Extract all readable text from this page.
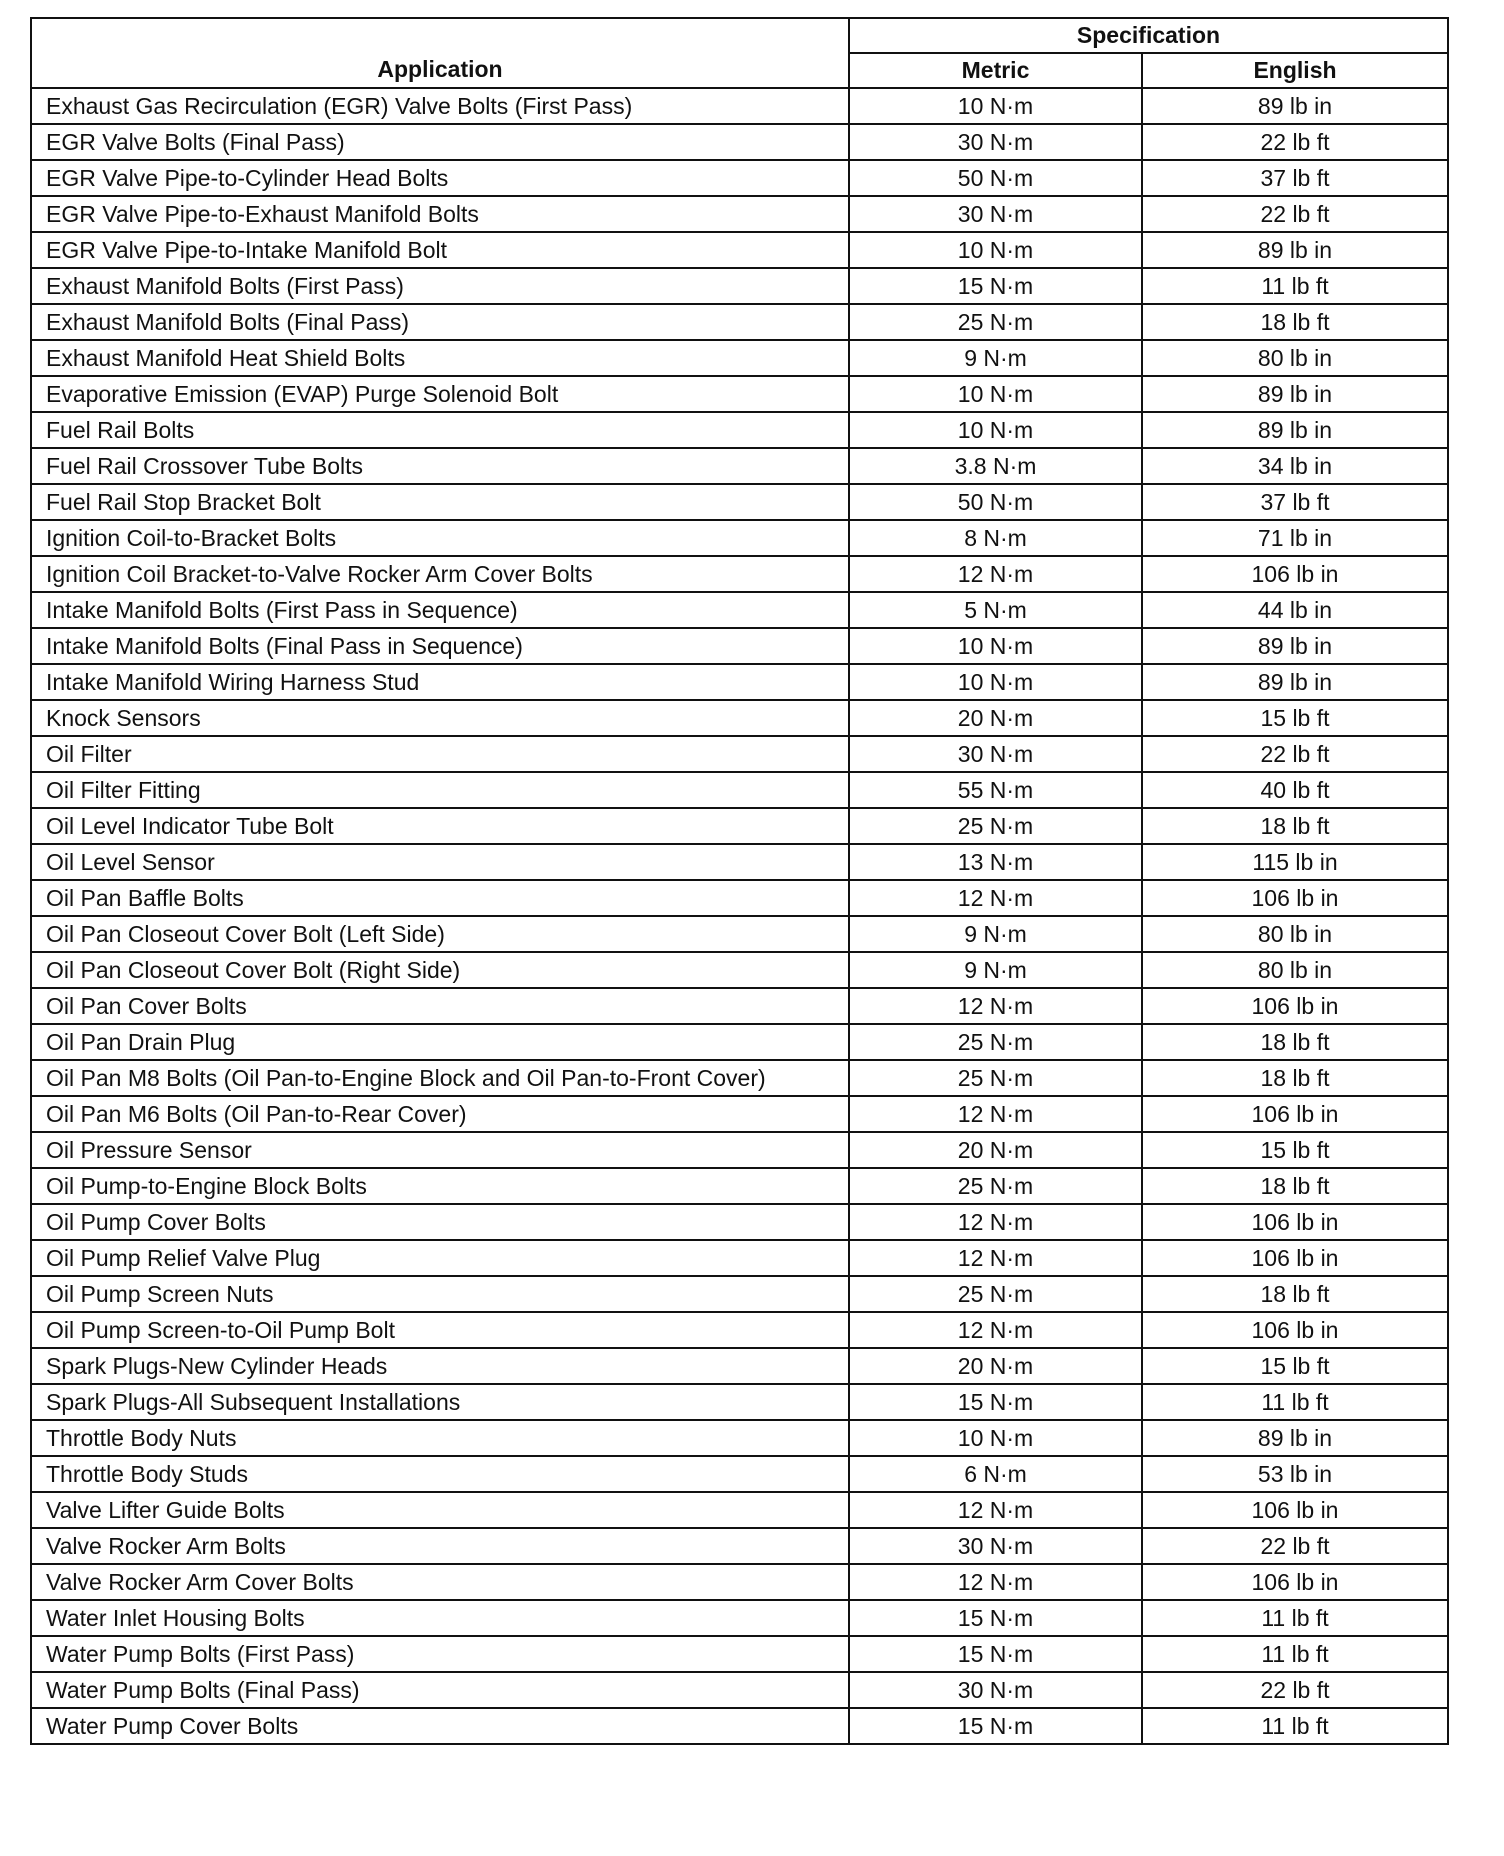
Application	Specification	
	Metric	English
Exhaust Gas Recirculation (EGR) Valve Bolts (First Pass)	10 N·m	89 lb in
EGR Valve Bolts (Final Pass)	30 N·m	22 lb ft
EGR Valve Pipe-to-Cylinder Head Bolts	50 N·m	37 lb ft
EGR Valve Pipe-to-Exhaust Manifold Bolts	30 N·m	22 lb ft
EGR Valve Pipe-to-Intake Manifold Bolt	10 N·m	89 lb in
Exhaust Manifold Bolts (First Pass)	15 N·m	11 lb ft
Exhaust Manifold Bolts (Final Pass)	25 N·m	18 lb ft
Exhaust Manifold Heat Shield Bolts	9 N·m	80 lb in
Evaporative Emission (EVAP) Purge Solenoid Bolt	10 N·m	89 lb in
Fuel Rail Bolts	10 N·m	89 lb in
Fuel Rail Crossover Tube Bolts	3.8 N·m	34 lb in
Fuel Rail Stop Bracket Bolt	50 N·m	37 lb ft
Ignition Coil-to-Bracket Bolts	8 N·m	71 lb in
Ignition Coil Bracket-to-Valve Rocker Arm Cover Bolts	12 N·m	106 lb in
Intake Manifold Bolts (First Pass in Sequence)	5 N·m	44 lb in
Intake Manifold Bolts (Final Pass in Sequence)	10 N·m	89 lb in
Intake Manifold Wiring Harness Stud	10 N·m	89 lb in
Knock Sensors	20 N·m	15 lb ft
Oil Filter	30 N·m	22 lb ft
Oil Filter Fitting	55 N·m	40 lb ft
Oil Level Indicator Tube Bolt	25 N·m	18 lb ft
Oil Level Sensor	13 N·m	115 lb in
Oil Pan Baffle Bolts	12 N·m	106 lb in
Oil Pan Closeout Cover Bolt (Left Side)	9 N·m	80 lb in
Oil Pan Closeout Cover Bolt (Right Side)	9 N·m	80 lb in
Oil Pan Cover Bolts	12 N·m	106 lb in
Oil Pan Drain Plug	25 N·m	18 lb ft
Oil Pan M8 Bolts (Oil Pan-to-Engine Block and Oil Pan-to-Front Cover)	25 N·m	18 lb ft
Oil Pan M6 Bolts (Oil Pan-to-Rear Cover)	12 N·m	106 lb in
Oil Pressure Sensor	20 N·m	15 lb ft
Oil Pump-to-Engine Block Bolts	25 N·m	18 lb ft
Oil Pump Cover Bolts	12 N·m	106 lb in
Oil Pump Relief Valve Plug	12 N·m	106 lb in
Oil Pump Screen Nuts	25 N·m	18 lb ft
Oil Pump Screen-to-Oil Pump Bolt	12 N·m	106 lb in
Spark Plugs-New Cylinder Heads	20 N·m	15 lb ft
Spark Plugs-All Subsequent Installations	15 N·m	11 lb ft
Throttle Body Nuts	10 N·m	89 lb in
Throttle Body Studs	6 N·m	53 lb in
Valve Lifter Guide Bolts	12 N·m	106 lb in
Valve Rocker Arm Bolts	30 N·m	22 lb ft
Valve Rocker Arm Cover Bolts	12 N·m	106 lb in
Water Inlet Housing Bolts	15 N·m	11 lb ft
Water Pump Bolts (First Pass)	15 N·m	11 lb ft
Water Pump Bolts (Final Pass)	30 N·m	22 lb ft
Water Pump Cover Bolts	15 N·m	11 lb ft
